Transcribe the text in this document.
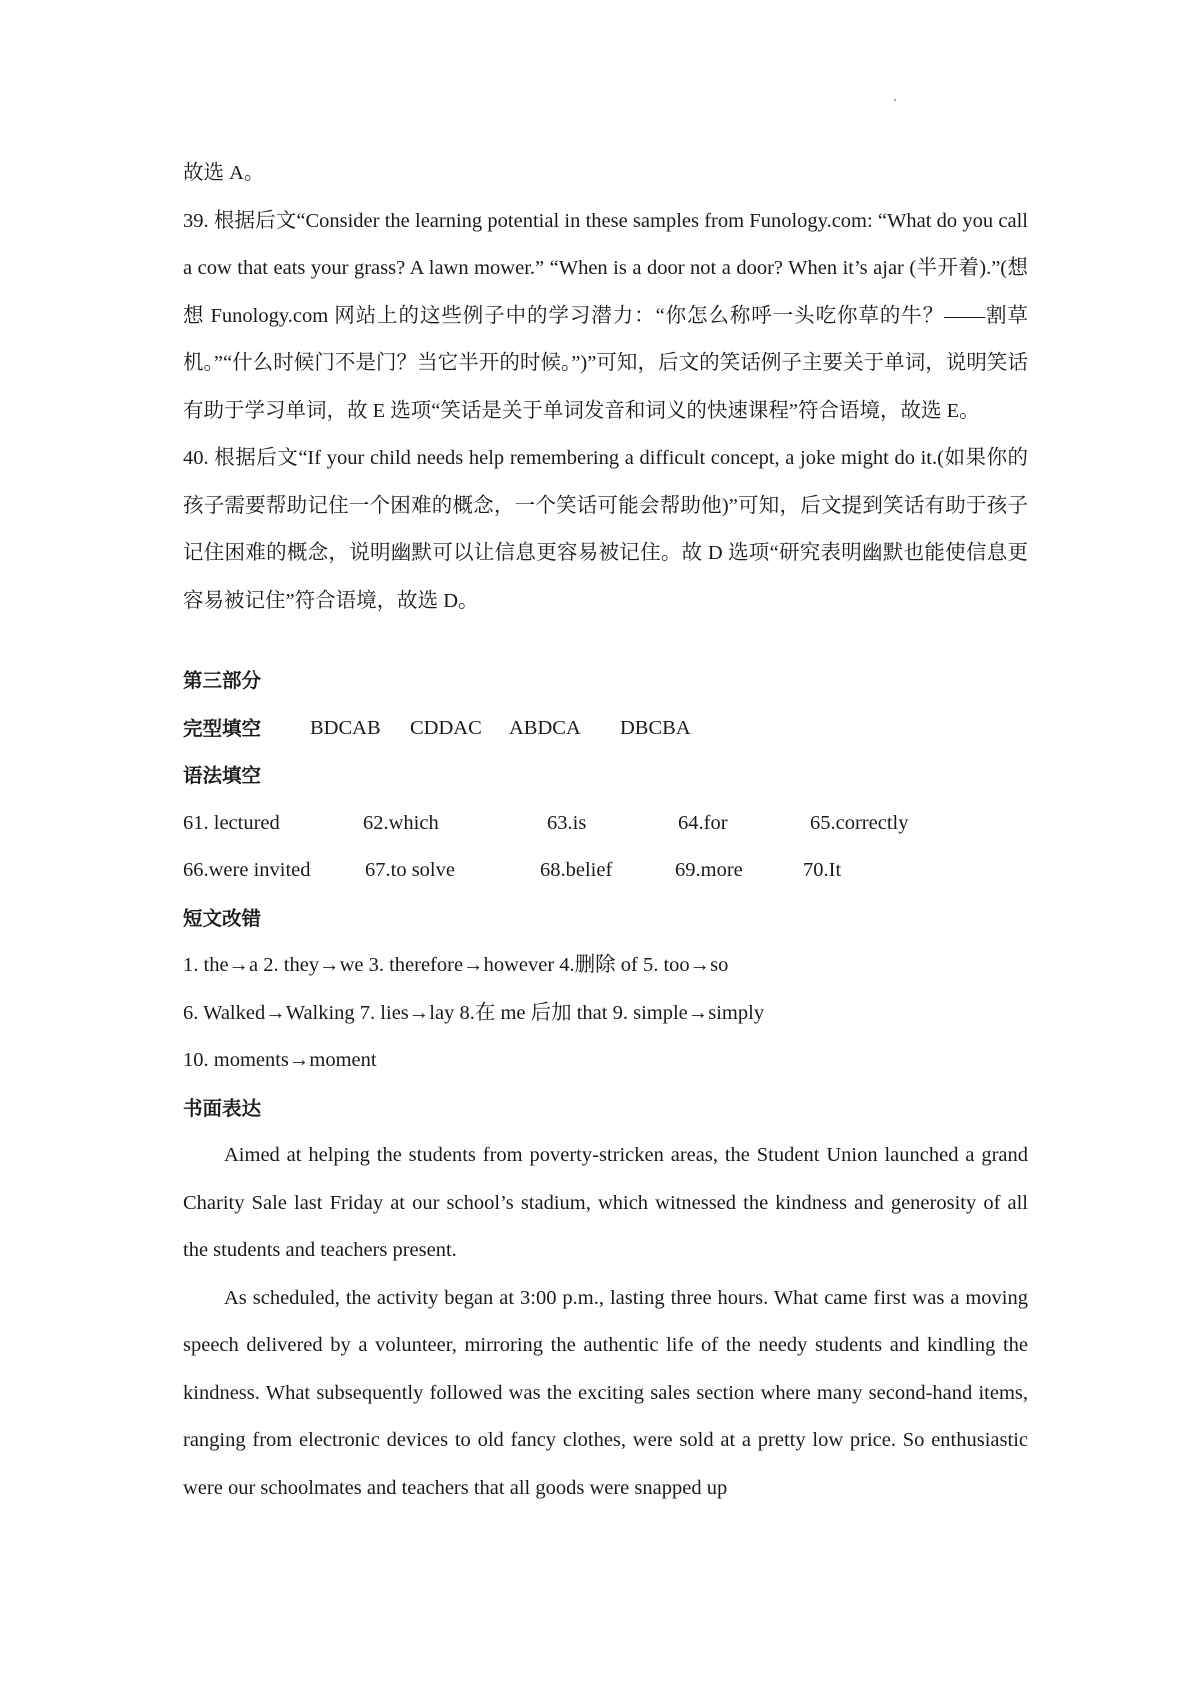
.

故选 A。

39. 根据后文“Consider the learning potential in these samples from Funology.com: “What do you call a cow that eats your grass? A lawn mower.” “When is a door not a door? When it’s ajar (半开着).”(想想 Funology.com 网站上的这些例子中的学习潜力：“你怎么称呼一头吃你草的牛？——割草机。”“什么时候门不是门？当它半开的时候。”)”可知，后文的笑话例子主要关于单词，说明笑话有助于学习单词，故 E 选项“笑话是关于单词发音和词义的快速课程”符合语境，故选 E。

40. 根据后文“If your child needs help remembering a difficult concept, a joke might do it.(如果你的孩子需要帮助记住一个困难的概念，一个笑话可能会帮助他)”可知，后文提到笑话有助于孩子记住困难的概念，说明幽默可以让信息更容易被记住。故 D 选项“研究表明幽默也能使信息更容易被记住”符合语境，故选 D。

第三部分

完型填空 BDCAB CDDAC ABDCA DBCBA

语法填空

61. lectured	62.which	63.is	64.for	65.correctly
66.were invited	67.to solve	68.belief	69.more	70.It

短文改错

1. the→a 2. they→we 3. therefore→however 4.删除 of 5. too→so

6. Walked→Walking 7. lies→lay 8.在 me 后加 that 9. simple→simply

10. moments→moment

书面表达

Aimed at helping the students from poverty-stricken areas, the Student Union launched a grand Charity Sale last Friday at our school’s stadium, which witnessed the kindness and generosity of all the students and teachers present.

As scheduled, the activity began at 3:00 p.m., lasting three hours. What came first was a moving speech delivered by a volunteer, mirroring the authentic life of the needy students and kindling the kindness. What subsequently followed was the exciting sales section where many second-hand items, ranging from electronic devices to old fancy clothes, were sold at a pretty low price. So enthusiastic were our schoolmates and teachers that all goods were snapped up
